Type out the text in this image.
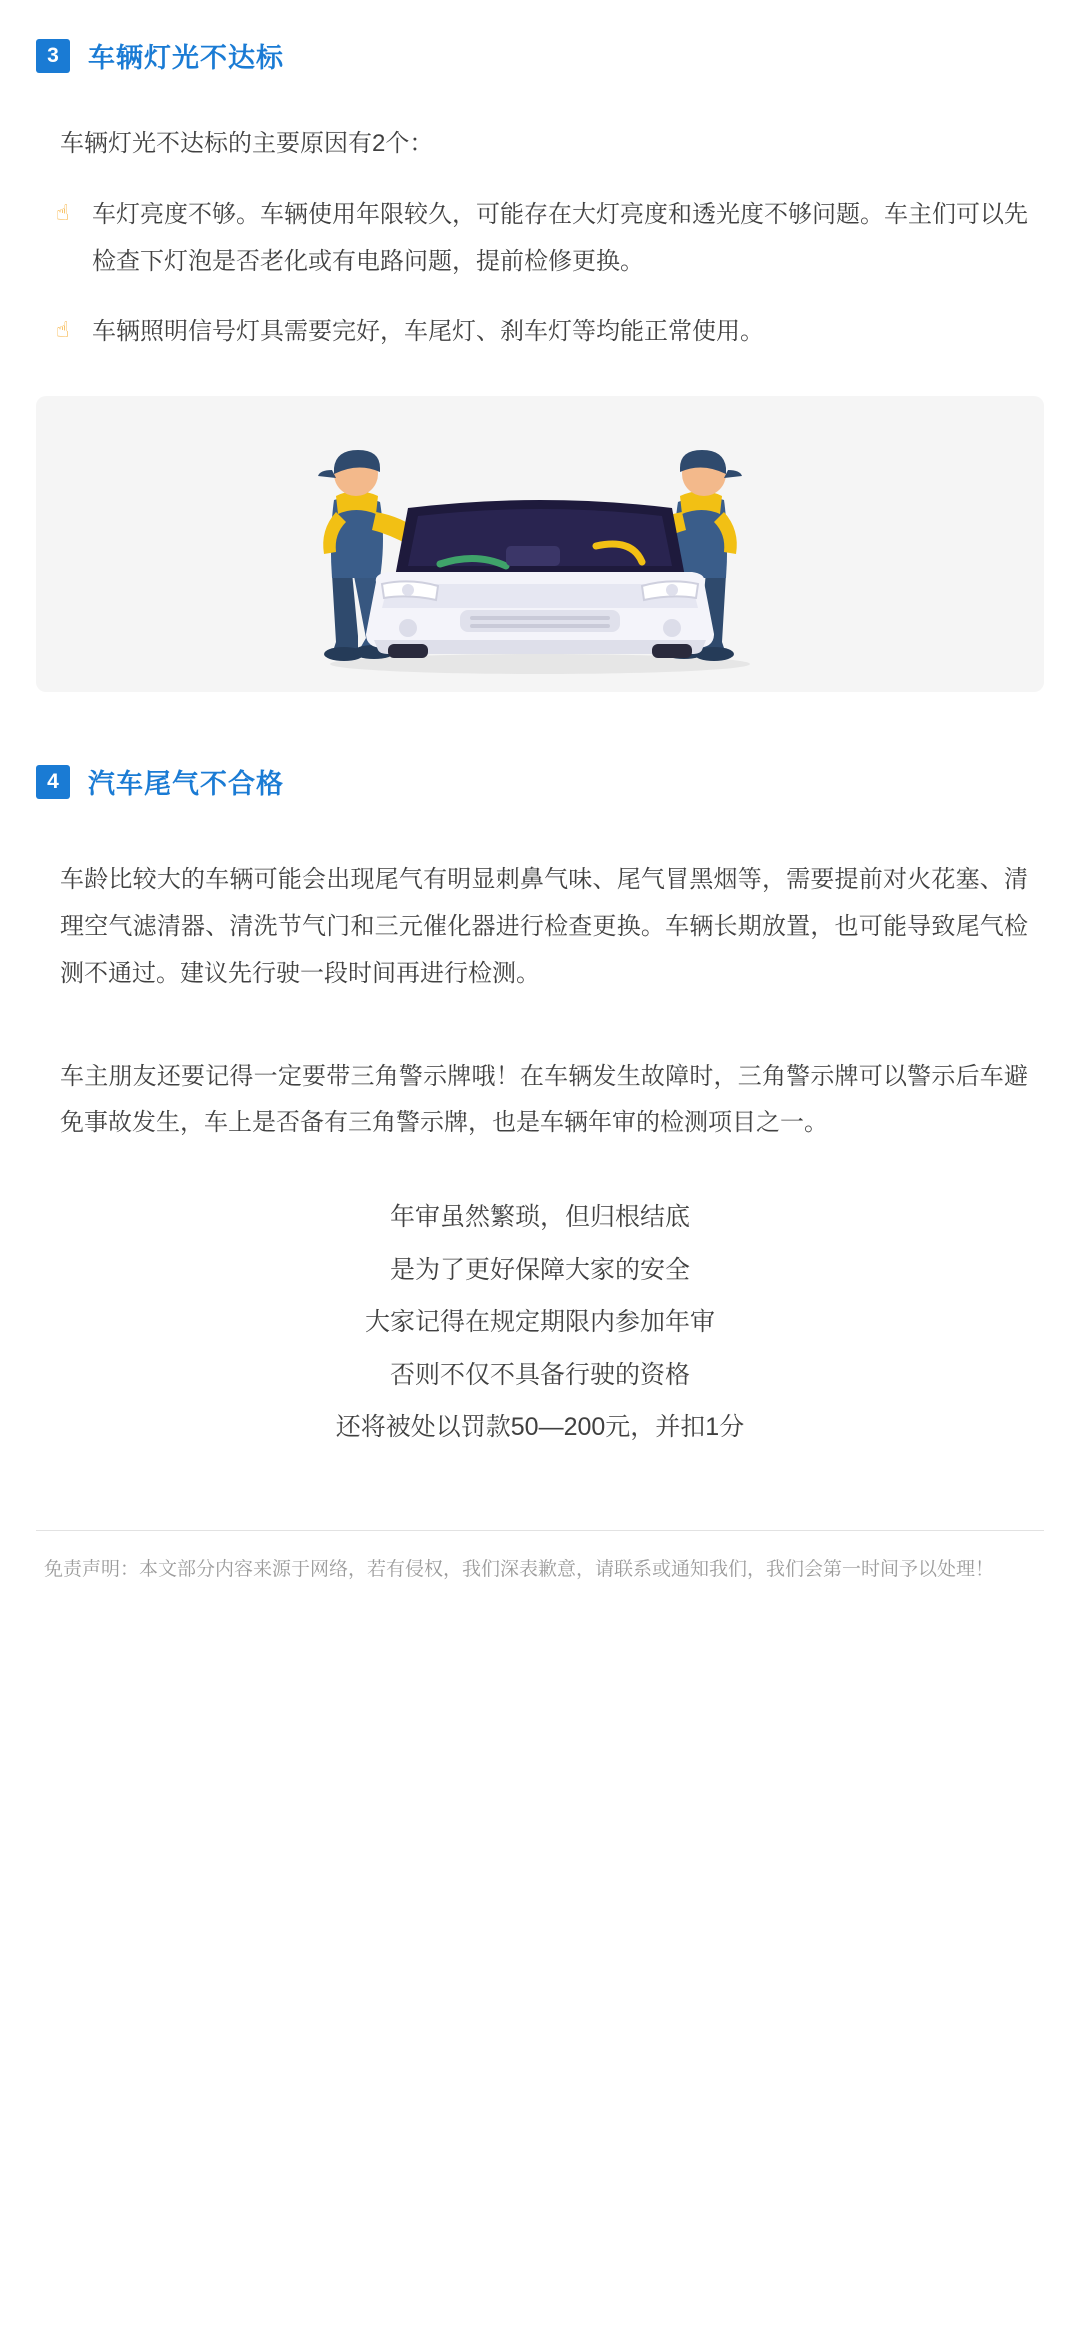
3	车辆灯光不达标
车辆灯光不达标的主要原因有2个：
☝ 车灯亮度不够。车辆使用年限较久，可能存在大灯亮度和透光度不够问题。车主们可以先检查下灯泡是否老化或有电路问题，提前检修更换。
☝ 车辆照明信号灯具需要完好，车尾灯、刹车灯等均能正常使用。
4	汽车尾气不合格
车龄比较大的车辆可能会出现尾气有明显刺鼻气味、尾气冒黑烟等，需要提前对火花塞、清理空气滤清器、清洗节气门和三元催化器进行检查更换。车辆长期放置，也可能导致尾气检测不通过。建议先行驶一段时间再进行检测。
车主朋友还要记得一定要带三角警示牌哦！在车辆发生故障时，三角警示牌可以警示后车避免事故发生，车上是否备有三角警示牌，也是车辆年审的检测项目之一。
年审虽然繁琐，但归根结底
是为了更好保障大家的安全
大家记得在规定期限内参加年审
否则不仅不具备行驶的资格
还将被处以罚款50—200元，并扣1分
免责声明：本文部分内容来源于网络，若有侵权，我们深表歉意，请联系或通知我们，我们会第一时间予以处理！
